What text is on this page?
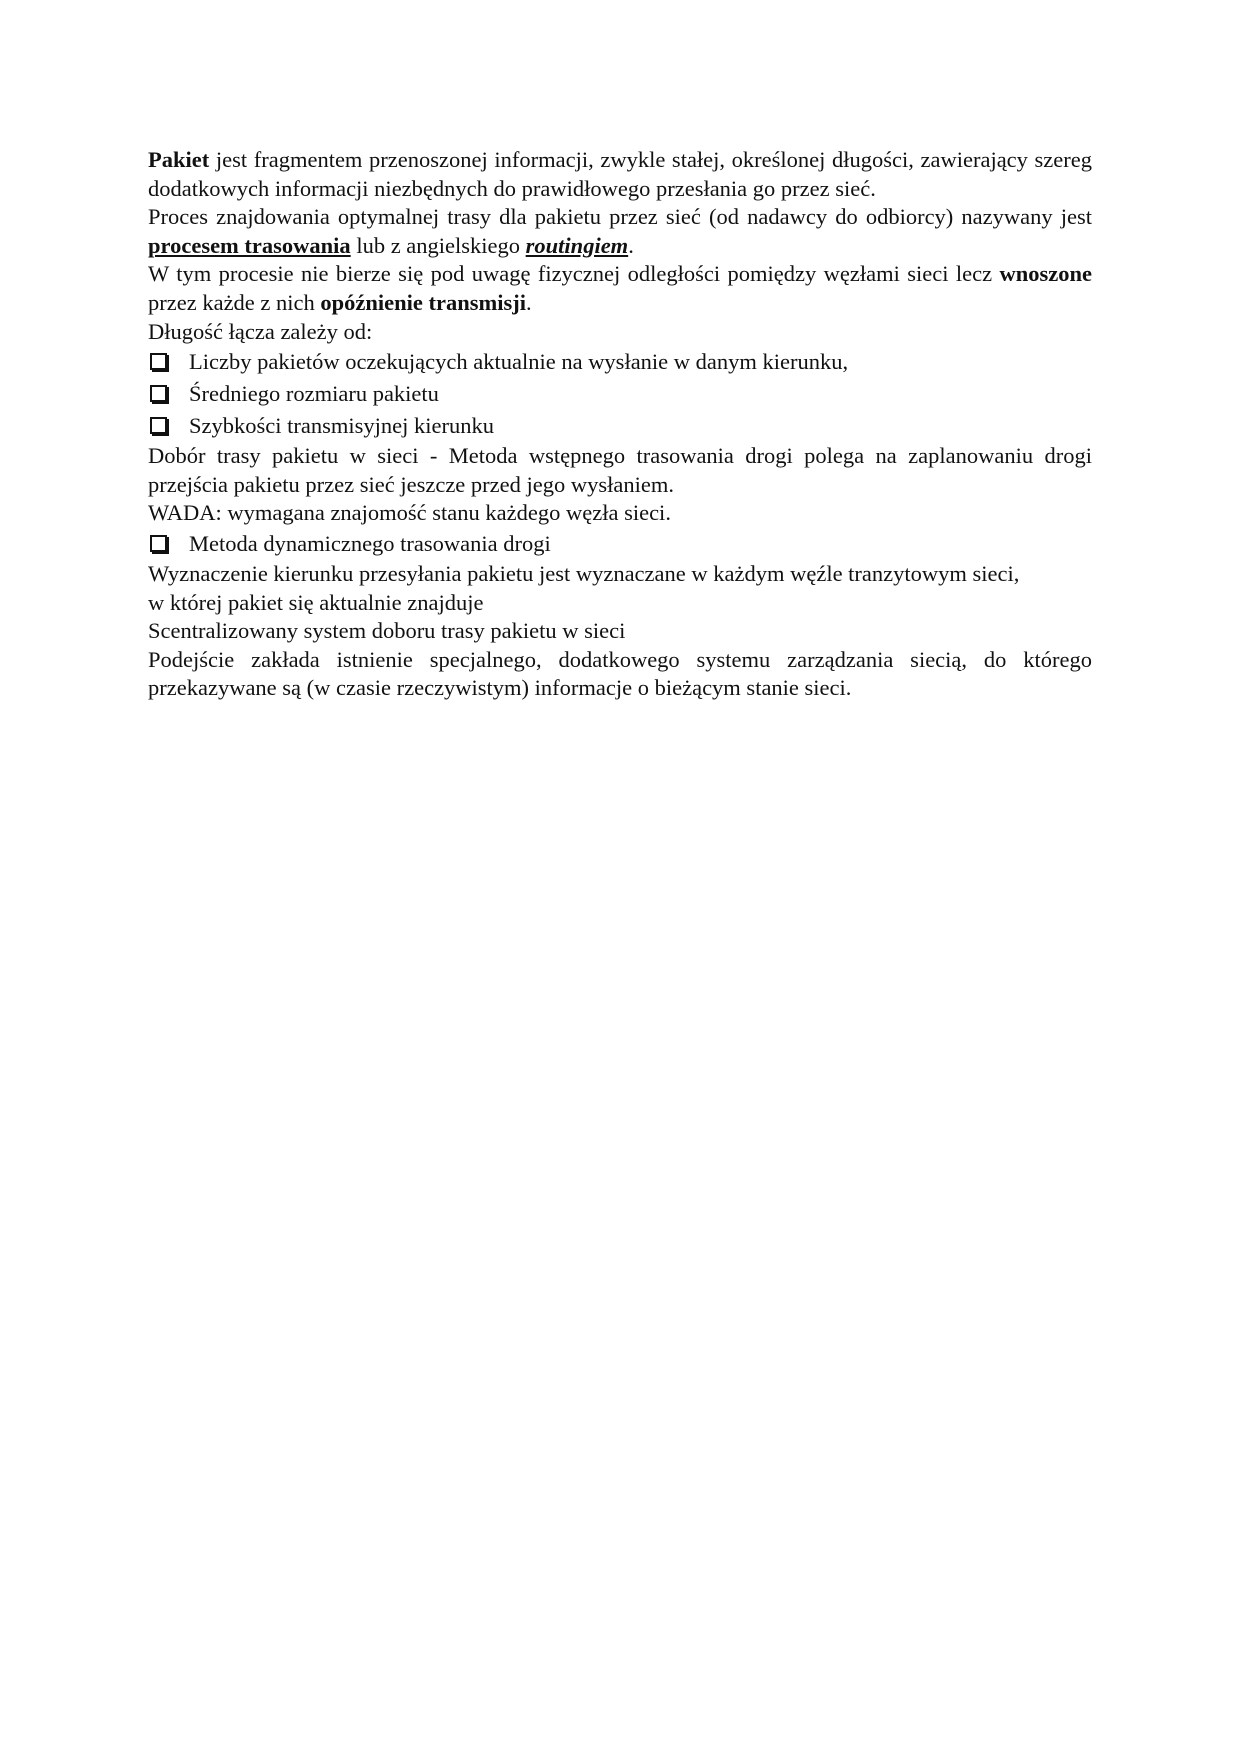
Pakiet jest fragmentem przenoszonej informacji, zwykle stałej, określonej długości, zawierający szereg dodatkowych informacji niezbędnych do prawidłowego przesłania go przez sieć.

Proces znajdowania optymalnej trasy dla pakietu przez sieć (od nadawcy do odbiorcy) nazywany jest procesem trasowania lub z angielskiego routingiem.

W tym procesie nie bierze się pod uwagę fizycznej odległości pomiędzy węzłami sieci lecz wnoszone przez każde z nich opóźnienie transmisji.

Długość łącza zależy od:

Liczby pakietów oczekujących aktualnie na wysłanie w danym kierunku,
Średniego rozmiaru pakietu
Szybkości transmisyjnej kierunku

Dobór trasy pakietu w sieci - Metoda wstępnego trasowania drogi polega na zaplanowaniu drogi przejścia pakietu przez sieć jeszcze przed jego wysłaniem.

WADA: wymagana znajomość stanu każdego węzła sieci.

Metoda dynamicznego trasowania drogi

Wyznaczenie kierunku przesyłania pakietu jest wyznaczane w każdym węźle tranzytowym sieci,

w której pakiet się aktualnie znajduje

Scentralizowany system doboru trasy pakietu w sieci

Podejście zakłada istnienie specjalnego, dodatkowego systemu zarządzania siecią, do którego przekazywane są (w czasie rzeczywistym) informacje o bieżącym stanie sieci.
